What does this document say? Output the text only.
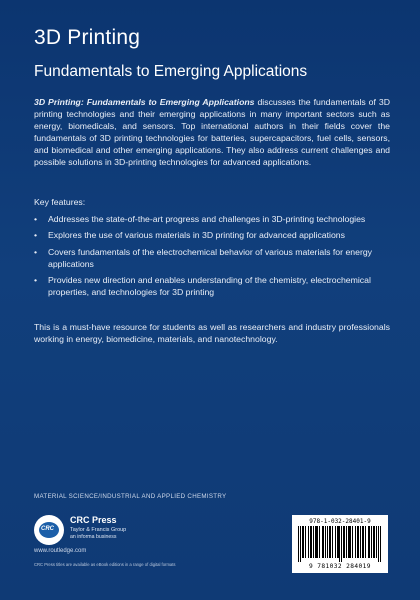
3D Printing
Fundamentals to Emerging Applications

3D Printing: Fundamentals to Emerging Applications discusses the fundamentals of 3D printing technologies and their emerging applications in many important sectors such as energy, biomedicals, and sensors. Top international authors in their fields cover the fundamentals of 3D printing technologies for batteries, supercapacitors, fuel cells, sensors, and biomedical and other emerging applications. They also address current challenges and possible solutions in 3D-printing technologies for advanced applications.

Key features:

• Addresses the state-of-the-art progress and challenges in 3D-printing technologies
• Explores the use of various materials in 3D printing for advanced applications
• Covers fundamentals of the electrochemical behavior of various materials for energy applications
• Provides new direction and enables understanding of the chemistry, electrochemical properties, and technologies for 3D printing

This is a must-have resource for students as well as researchers and industry professionals working in energy, biomedicine, materials, and nanotechnology.

MATERIAL SCIENCE/INDUSTRIAL AND APPLIED CHEMISTRY
CRC
CRC Press
Taylor & Francis Group
an informa business
www.routledge.com
CRC Press titles are available as eBook editions in a range of digital formats
978-1-032-28401-9
9 781032 284019
